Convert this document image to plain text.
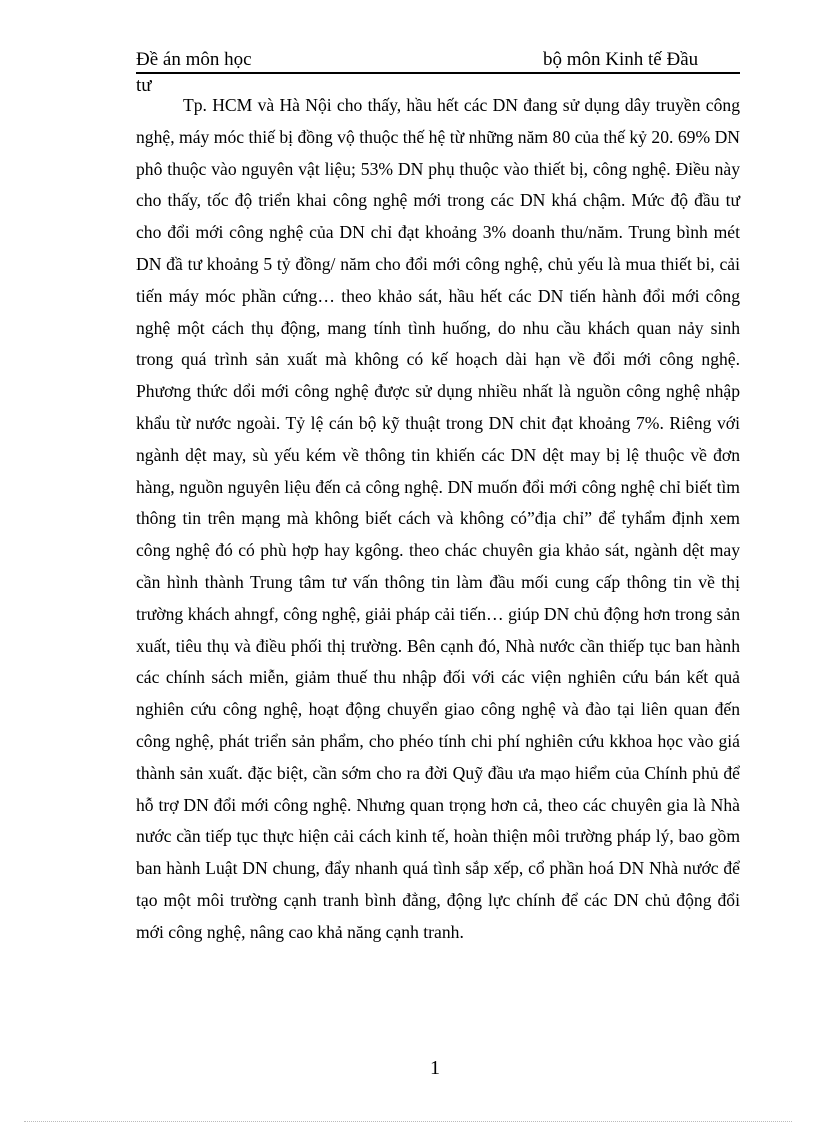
Đề án môn học	bộ môn Kinh tế Đầu
tư

Tp. HCM và Hà Nội cho thấy, hầu hết các DN đang sử dụng dây truyền công nghệ, máy móc thiế bị đồng vộ thuộc thế hệ từ những năm 80 của thế kỷ 20. 69% DN phô thuộc vào nguyên vật liệu; 53% DN phụ thuộc vào thiết bị, công nghệ. Điều này cho thấy, tốc độ triển khai công nghệ mới trong các DN khá chậm. Mức độ đầu tư cho đổi mới công nghệ của DN chỉ đạt khoảng 3% doanh thu/năm. Trung bình mét DN đầ tư khoảng 5 tỷ đồng/ năm cho đổi mới công nghệ, chủ yếu là mua thiết bi, cải tiến máy móc phần cứng… theo khảo sát, hầu hết các DN tiến hành đổi mới công nghệ một cách thụ động, mang tính tình huống, do nhu cầu khách quan nảy sinh trong quá trình sản xuất mà không có kế hoạch dài hạn về đổi mới công nghệ. Phương thức dổi mới công nghệ được sử dụng nhiều nhất là nguồn công nghệ nhập khẩu từ nước ngoài. Tỷ lệ cán bộ kỹ thuật trong DN chit đạt khoảng 7%. Riêng với ngành dệt may, sù yếu kém về thông tin khiến các DN dệt may bị lệ thuộc về đơn hàng, nguồn nguyên liệu đến cả công nghệ. DN muốn đổi mới công nghệ chỉ biết tìm thông tin trên mạng mà không biết cách và không có”địa chỉ” để tyhẩm định xem công nghệ đó có phù hợp hay kgông. theo chác chuyên gia khảo sát, ngành dệt may cần hình thành Trung tâm tư vấn thông tin làm đầu mối cung cấp thông tin về thị trường khách ahngf, công nghệ, giải pháp cải tiến… giúp DN chủ động hơn trong sản xuất, tiêu thụ và điều phối thị trường. Bên cạnh đó, Nhà nước cần thiếp tục ban hành các chính sách miễn, giảm thuế thu nhập đối với các viện nghiên cứu bán kết quả nghiên cứu công nghệ, hoạt động chuyển giao công nghệ và đào tại liên quan đến công nghệ, phát triển sản phẩm, cho phéo tính chi phí nghiên cứu kkhoa học vào giá thành sản xuất. đặc biệt, cần sớm cho ra đời Quỹ đầu ưa mạo hiểm của Chính phủ để hỗ trợ DN đổi mới công nghệ. Nhưng quan trọng hơn cả, theo các chuyên gia là Nhà nước cần tiếp tục thực hiện cải cách kinh tế, hoàn thiện môi trường pháp lý, bao gồm ban hành Luật DN chung, đẩy nhanh quá tình sắp xếp, cổ phần hoá DN Nhà nước để tạo một môi trường cạnh tranh bình đẳng, động lực chính để các DN chủ động đổi mới công nghệ, nâng cao khả năng cạnh tranh.

1
